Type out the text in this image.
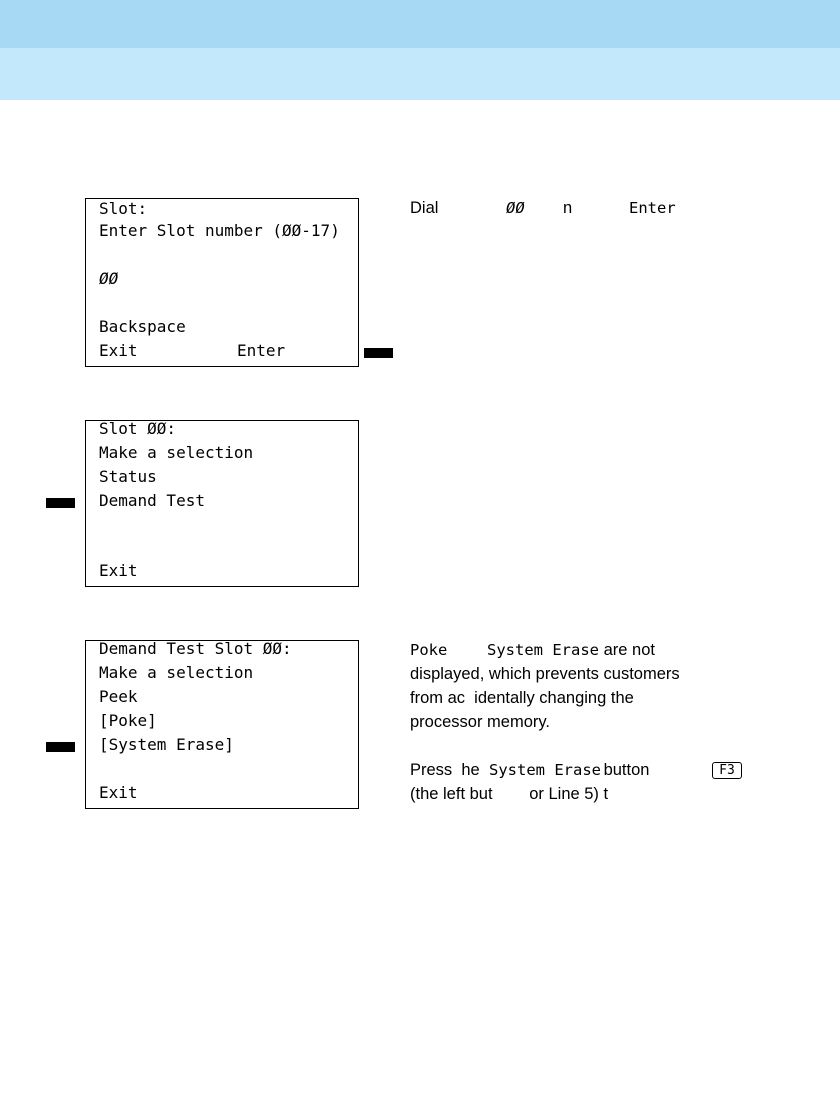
Slot:
Enter Slot number (ØØ-17)
ØØ
Backspace
Exit	Enter
Dial	ØØ n	Enter
Slot ØØ:
Make a selection
Status
Demand Test
Exit
Demand Test Slot ØØ:
Make a selection
Peek
[Poke]
[System Erase]
Exit
Poke	System Erase are not
displayed, which prevents customers
from ac  identally changing the
processor memory.
Press  he System Erase
button	F3
(the left but        or Line 5) t
